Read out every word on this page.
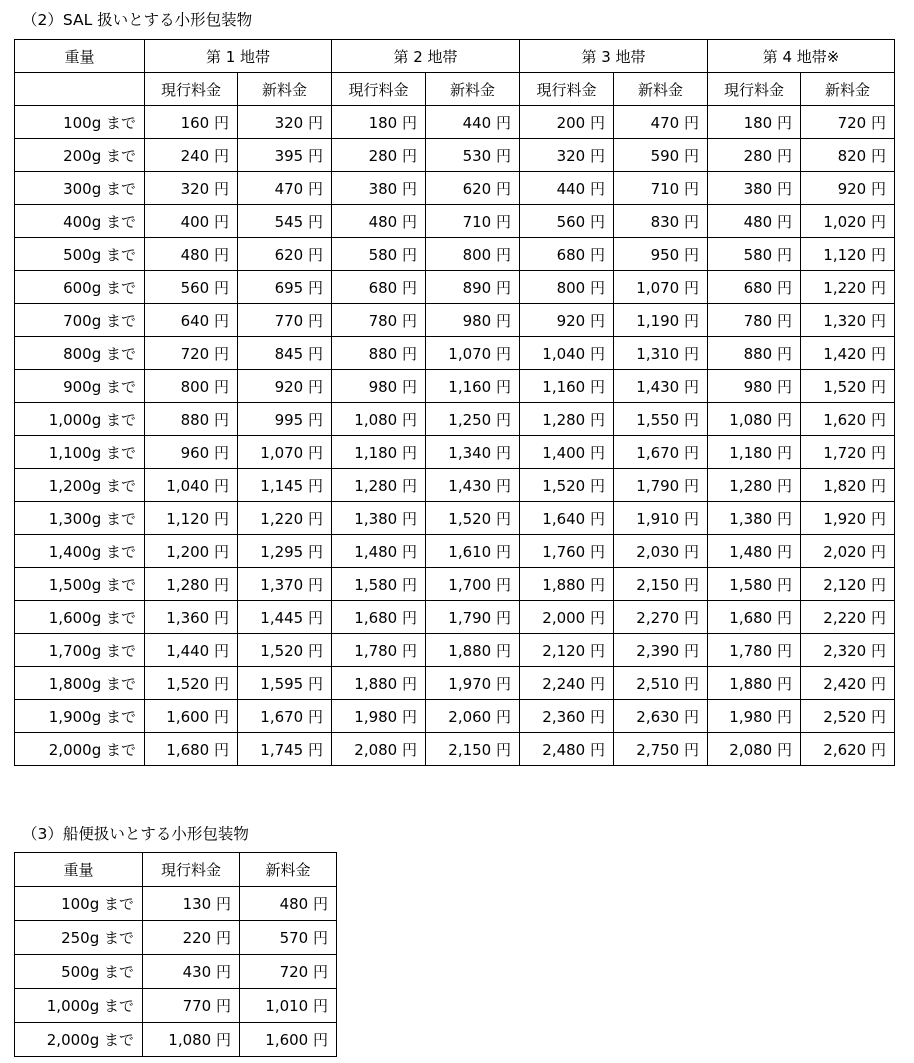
（2）SAL 扱いとする小形包装物
重量	第 1 地帯		第 2 地帯		第 3 地帯		第 4 地帯※	
	現行料金	新料金	現行料金	新料金	現行料金	新料金	現行料金	新料金
100g まで	160 円	320 円	180 円	440 円	200 円	470 円	180 円	720 円
200g まで	240 円	395 円	280 円	530 円	320 円	590 円	280 円	820 円
300g まで	320 円	470 円	380 円	620 円	440 円	710 円	380 円	920 円
400g まで	400 円	545 円	480 円	710 円	560 円	830 円	480 円	1,020 円
500g まで	480 円	620 円	580 円	800 円	680 円	950 円	580 円	1,120 円
600g まで	560 円	695 円	680 円	890 円	800 円	1,070 円	680 円	1,220 円
700g まで	640 円	770 円	780 円	980 円	920 円	1,190 円	780 円	1,320 円
800g まで	720 円	845 円	880 円	1,070 円	1,040 円	1,310 円	880 円	1,420 円
900g まで	800 円	920 円	980 円	1,160 円	1,160 円	1,430 円	980 円	1,520 円
1,000g まで	880 円	995 円	1,080 円	1,250 円	1,280 円	1,550 円	1,080 円	1,620 円
1,100g まで	960 円	1,070 円	1,180 円	1,340 円	1,400 円	1,670 円	1,180 円	1,720 円
1,200g まで	1,040 円	1,145 円	1,280 円	1,430 円	1,520 円	1,790 円	1,280 円	1,820 円
1,300g まで	1,120 円	1,220 円	1,380 円	1,520 円	1,640 円	1,910 円	1,380 円	1,920 円
1,400g まで	1,200 円	1,295 円	1,480 円	1,610 円	1,760 円	2,030 円	1,480 円	2,020 円
1,500g まで	1,280 円	1,370 円	1,580 円	1,700 円	1,880 円	2,150 円	1,580 円	2,120 円
1,600g まで	1,360 円	1,445 円	1,680 円	1,790 円	2,000 円	2,270 円	1,680 円	2,220 円
1,700g まで	1,440 円	1,520 円	1,780 円	1,880 円	2,120 円	2,390 円	1,780 円	2,320 円
1,800g まで	1,520 円	1,595 円	1,880 円	1,970 円	2,240 円	2,510 円	1,880 円	2,420 円
1,900g まで	1,600 円	1,670 円	1,980 円	2,060 円	2,360 円	2,630 円	1,980 円	2,520 円
2,000g まで	1,680 円	1,745 円	2,080 円	2,150 円	2,480 円	2,750 円	2,080 円	2,620 円
（3）船便扱いとする小形包装物
重量	現行料金	新料金
100g まで	130 円	480 円
250g まで	220 円	570 円
500g まで	430 円	720 円
1,000g まで	770 円	1,010 円
2,000g まで	1,080 円	1,600 円
